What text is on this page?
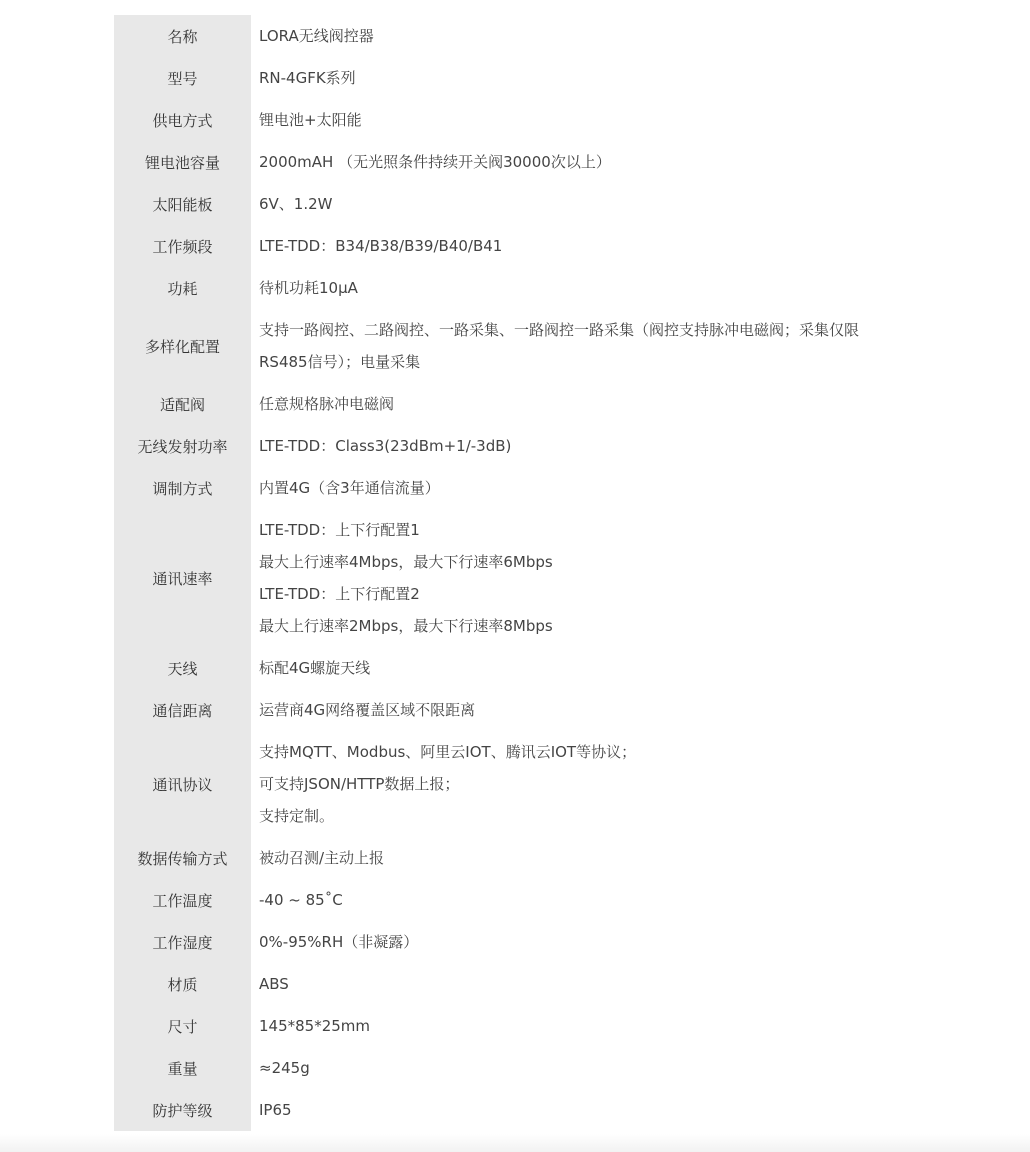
名称	LORA无线阀控器

型号	RN-4GFK系列

供电方式	锂电池+太阳能

锂电池容量	2000mAH （无光照条件持续开关阀30000次以上）

太阳能板	6V、1.2W

工作频段	LTE-TDD：B34/B38/B39/B40/B41

功耗	待机功耗10μA

多样化配置	支持一路阀控、二路阀控、一路采集、一路阀控一路采集（阀控支持脉冲电磁阀；采集仅限
RS485信号）；电量采集

适配阀	任意规格脉冲电磁阀

无线发射功率	LTE-TDD：Class3(23dBm+1/-3dB)

调制方式	内置4G（含3年通信流量）

通讯速率	LTE-TDD：上下行配置1
最大上行速率4Mbps，最大下行速率6Mbps
LTE-TDD：上下行配置2
最大上行速率2Mbps，最大下行速率8Mbps

天线	标配4G螺旋天线

通信距离	运营商4G网络覆盖区域不限距离

通讯协议	支持MQTT、Modbus、阿里云IOT、腾讯云IOT等协议；
可支持JSON/HTTP数据上报；
支持定制。

数据传输方式	被动召测/主动上报

工作温度	-40 ~ 85˚C

工作湿度	0%-95%RH（非凝露）

材质	ABS

尺寸	145*85*25mm

重量	≈245g

防护等级	IP65
